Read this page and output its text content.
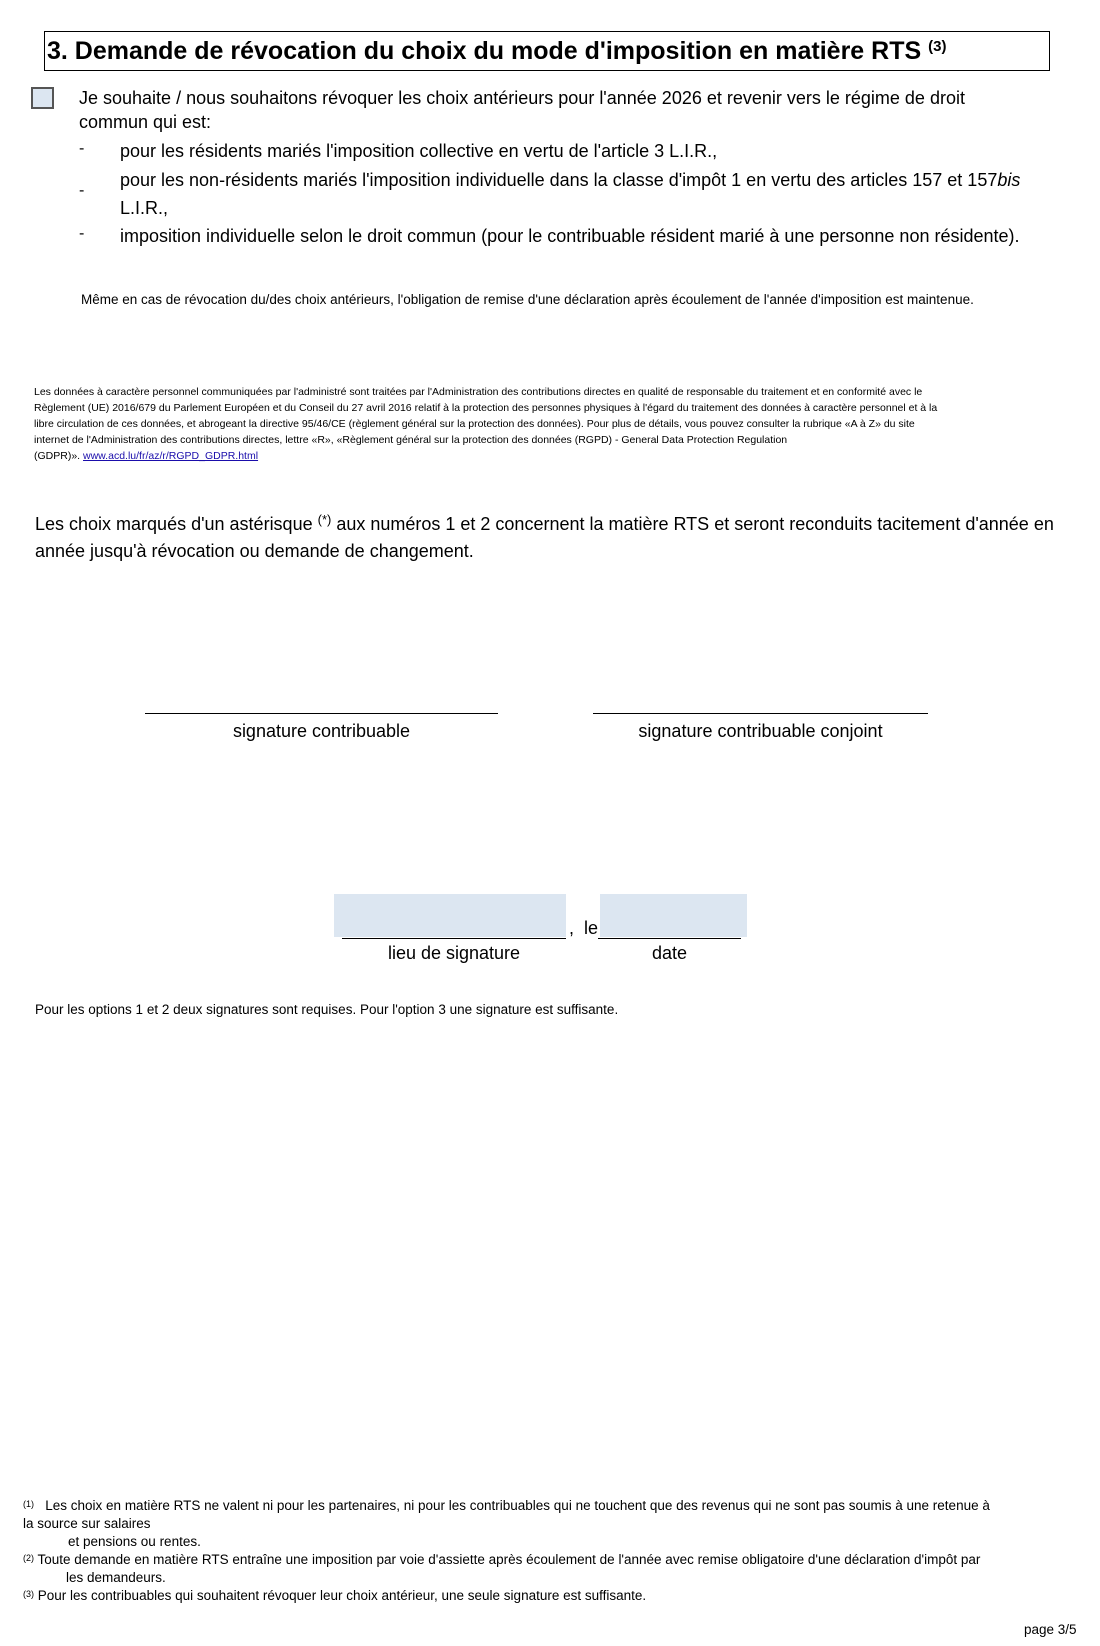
3. Demande de révocation du choix du mode d'imposition en matière RTS $^{(3)}$
Je souhaite / nous souhaitons révoquer les choix antérieurs pour l'année 2026 et revenir vers le régime de droit
commun qui est:
- pour les résidents mariés l'imposition collective en vertu de l'article 3 L.I.R.,
-
pour les non-résidents mariés l'imposition individuelle dans la classe d'impôt 1 en vertu des articles 157 et 157bis
L.I.R.,
- imposition individuelle selon le droit commun (pour le contribuable résident marié à une personne non résidente).
Même en cas de révocation du/des choix antérieurs, l'obligation de remise d'une déclaration après écoulement de l'année d'imposition est maintenue.
Les données à caractère personnel communiquées par l'administré sont traitées par l'Administration des contributions directes en qualité de responsable du traitement et en conformité avec le
Règlement (UE) 2016/679 du Parlement Européen et du Conseil du 27 avril 2016 relatif à la protection des personnes physiques à l'égard du traitement des données à caractère personnel et à la
libre circulation de ces données, et abrogeant la directive 95/46/CE (règlement général sur la protection des données). Pour plus de détails, vous pouvez consulter la rubrique «A à Z» du site
internet de l'Administration des contributions directes, lettre «R», «Règlement général sur la protection des données (RGPD) - General Data Protection Regulation
(GDPR)». www.acd.lu/fr/az/r/RGPD_GDPR.html
Les choix marqués d'un astérisque (*) aux numéros 1 et 2 concernent la matière RTS et seront reconduits tacitement d'année en
année jusqu'à révocation ou demande de changement.
signature contribuable	signature contribuable conjoint
,  le
lieu de signature	date
Pour les options 1 et 2 deux signatures sont requises. Pour l'option 3 une signature est suffisante.
$^{(1)}$ Les choix en matière RTS ne valent ni pour les partenaires, ni pour les contribuables qui ne touchent que des revenus qui ne sont pas soumis à une retenue à
la source sur salaires
et pensions ou rentes.
$^{(2)}$ Toute demande en matière RTS entraîne une imposition par voie d'assiette après écoulement de l'année avec remise obligatoire d'une déclaration d'impôt par
les demandeurs.
$^{(3)}$ Pour les contribuables qui souhaitent révoquer leur choix antérieur, une seule signature est suffisante.
page 3/5
